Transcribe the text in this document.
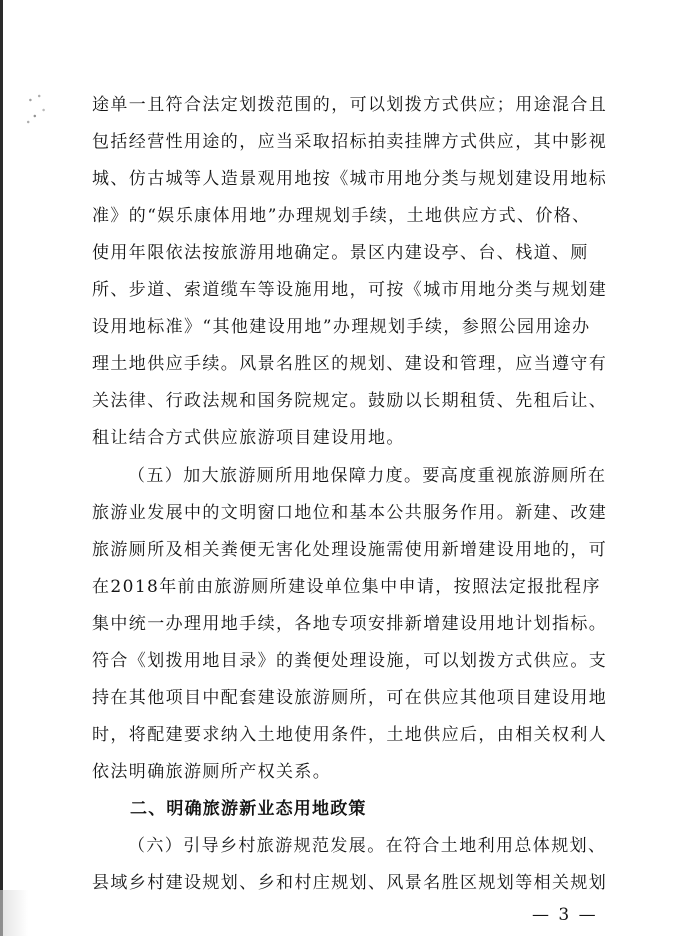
途单一且符合法定划拨范围的，可以划拨方式供应；用途混合且
包括经营性用途的，应当采取招标拍卖挂牌方式供应，其中影视
城、仿古城等人造景观用地按《城市用地分类与规划建设用地标
准》的“娱乐康体用地”办理规划手续，土地供应方式、价格、
使用年限依法按旅游用地确定。景区内建设亭、台、栈道、厕
所、步道、索道缆车等设施用地，可按《城市用地分类与规划建
设用地标准》“其他建设用地”办理规划手续，参照公园用途办
理土地供应手续。风景名胜区的规划、建设和管理，应当遵守有
关法律、行政法规和国务院规定。鼓励以长期租赁、先租后让、
租让结合方式供应旅游项目建设用地。
（五）加大旅游厕所用地保障力度。要高度重视旅游厕所在
旅游业发展中的文明窗口地位和基本公共服务作用。新建、改建
旅游厕所及相关粪便无害化处理设施需使用新增建设用地的，可
在2018年前由旅游厕所建设单位集中申请，按照法定报批程序
集中统一办理用地手续，各地专项安排新增建设用地计划指标。
符合《划拨用地目录》的粪便处理设施，可以划拨方式供应。支
持在其他项目中配套建设旅游厕所，可在供应其他项目建设用地
时，将配建要求纳入土地使用条件，土地供应后，由相关权利人
依法明确旅游厕所产权关系。
二、明确旅游新业态用地政策
（六）引导乡村旅游规范发展。在符合土地利用总体规划、
县域乡村建设规划、乡和村庄规划、风景名胜区规划等相关规划
— 3 —
